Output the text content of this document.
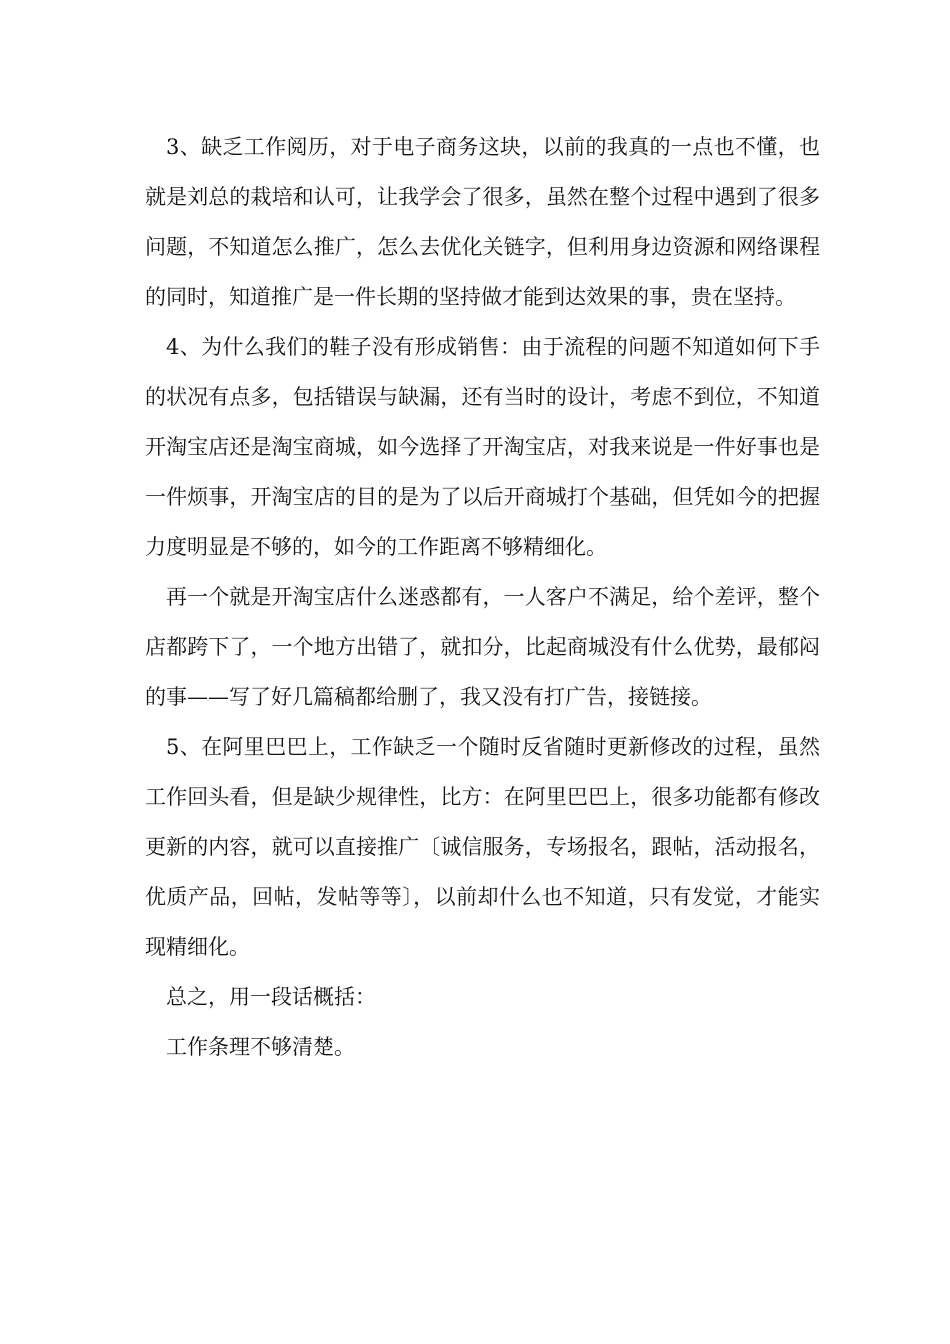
3、缺乏工作阅历，对于电子商务这块，以前的我真的一点也不懂，也就是刘总的栽培和认可，让我学会了很多，虽然在整个过程中遇到了很多问题，不知道怎么推广，怎么去优化关链字，但利用身边资源和网络课程的同时，知道推广是一件长期的坚持做才能到达效果的事，贵在坚持。

4、为什么我们的鞋子没有形成销售：由于流程的问题不知道如何下手的状况有点多，包括错误与缺漏，还有当时的设计，考虑不到位，不知道开淘宝店还是淘宝商城，如今选择了开淘宝店，对我来说是一件好事也是一件烦事，开淘宝店的目的是为了以后开商城打个基础，但凭如今的把握力度明显是不够的，如今的工作距离不够精细化。

再一个就是开淘宝店什么迷惑都有，一人客户不满足，给个差评，整个店都跨下了，一个地方出错了，就扣分，比起商城没有什么优势，最郁闷的事——写了好几篇稿都给删了，我又没有打广告，接链接。

5、在阿里巴巴上，工作缺乏一个随时反省随时更新修改的过程，虽然工作回头看，但是缺少规律性，比方：在阿里巴巴上，很多功能都有修改更新的内容，就可以直接推广〔诚信服务，专场报名，跟帖，活动报名，优质产品，回帖，发帖等等〕，以前却什么也不知道，只有发觉，才能实现精细化。

总之，用一段话概括：

工作条理不够清楚。
